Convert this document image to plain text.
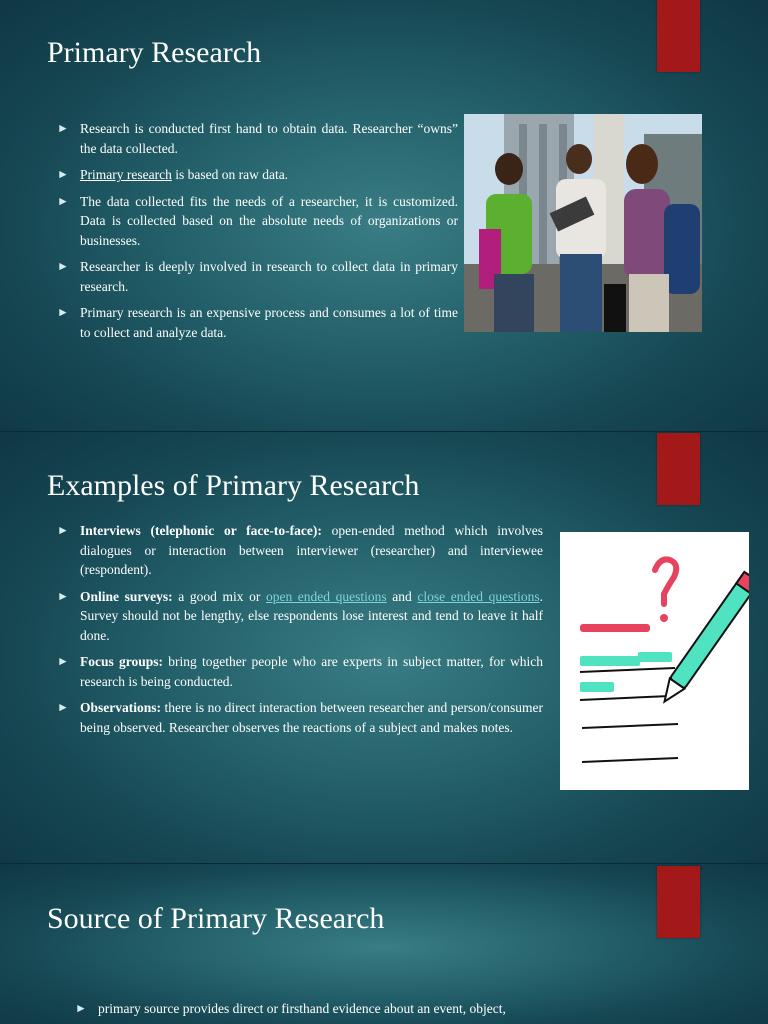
Primary Research
► Research is conducted first hand to obtain data. Researcher “owns” the data collected.
► Primary research is based on raw data.
► The data collected fits the needs of a researcher, it is customized. Data is collected based on the absolute needs of organizations or businesses.
► Researcher is deeply involved in research to collect data in primary research.
► Primary research is an expensive process and consumes a lot of time to collect and analyze data.
Examples of Primary Research
► Interviews (telephonic or face-to-face): open-ended method which involves dialogues or interaction between interviewer (researcher) and interviewee (respondent).
► Online surveys: a good mix or open ended questions and close ended questions. Survey should not be lengthy, else respondents lose interest and tend to leave it half done.
► Focus groups: bring together people who are experts in subject matter, for which research is being conducted.
► Observations: there is no direct interaction between researcher and person/consumer being observed. Researcher observes the reactions of a subject and makes notes.
Source of Primary Research
► primary source provides direct or firsthand evidence about an event, object,
